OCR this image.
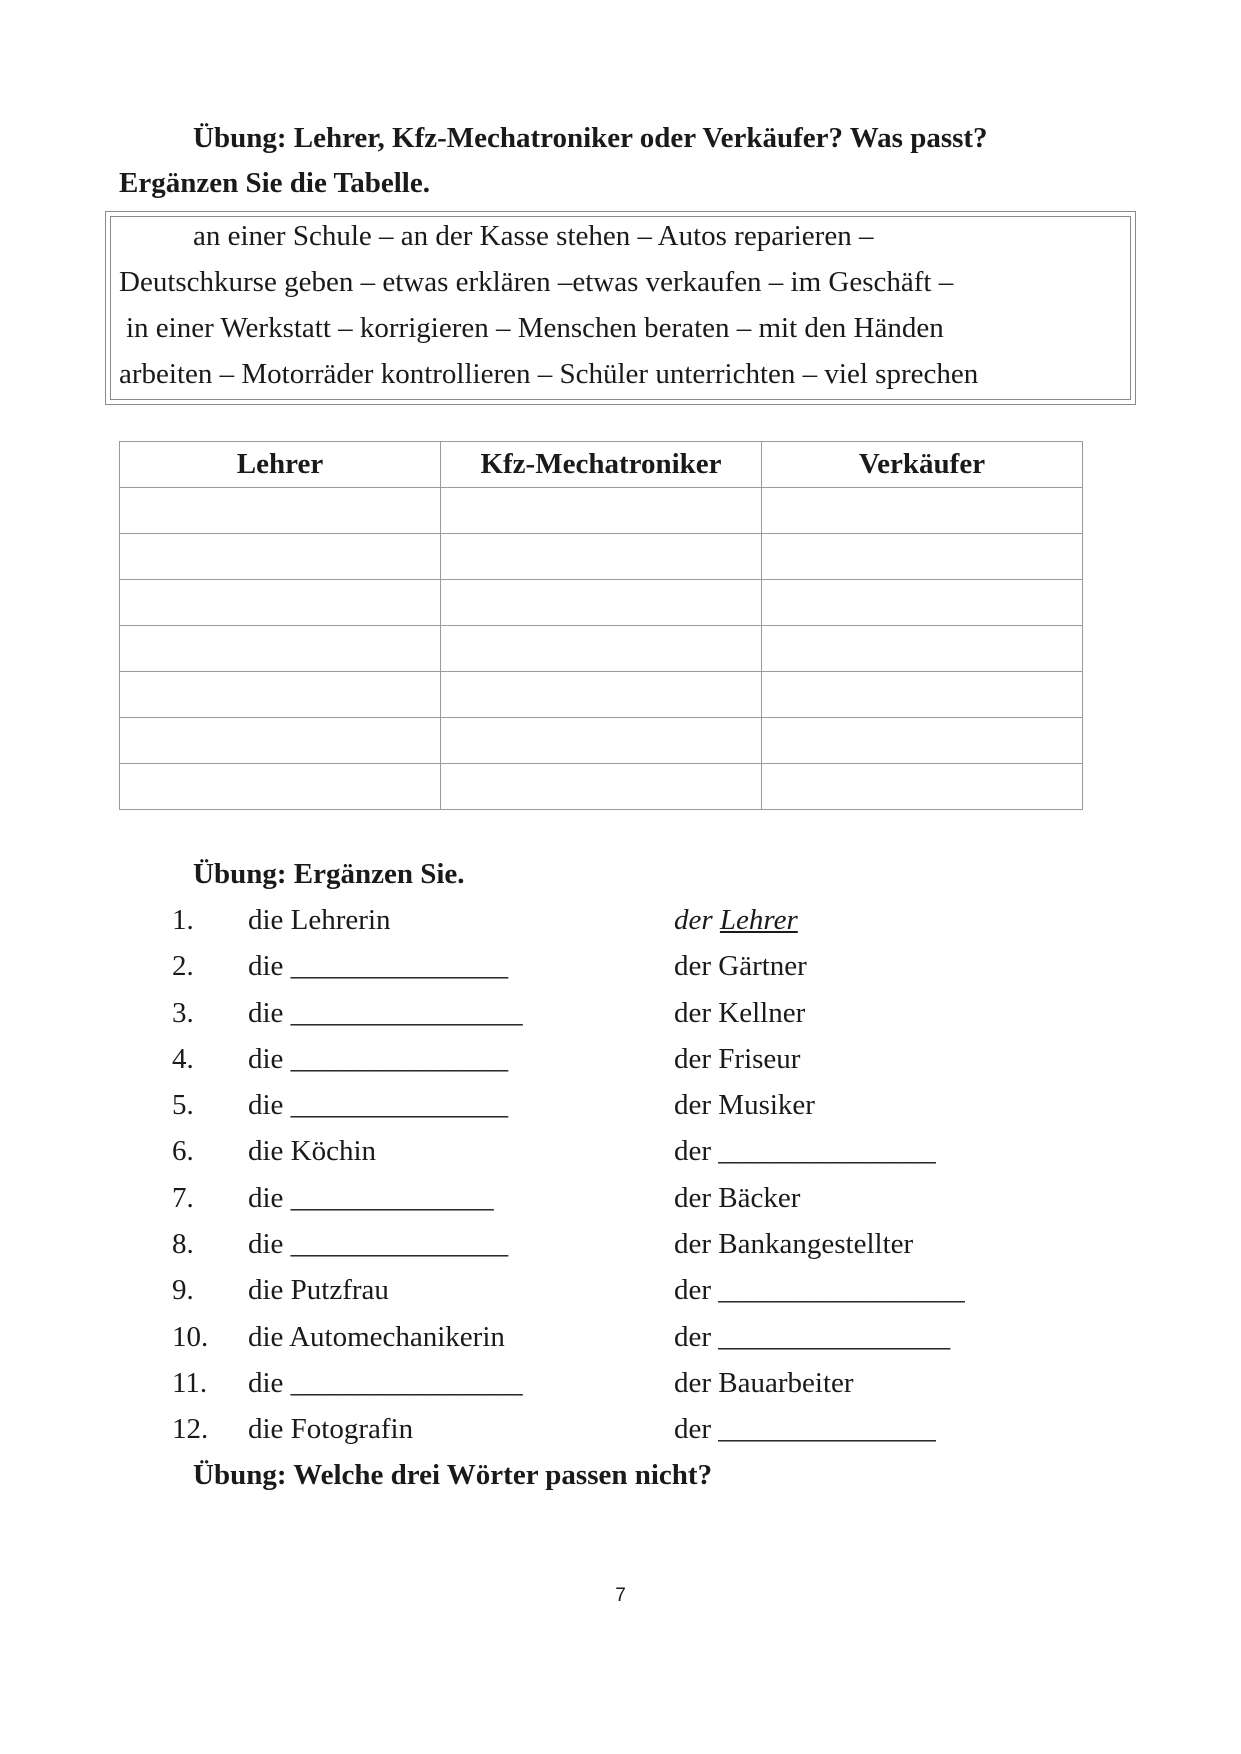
Übung: Lehrer, Kfz-Mechatroniker oder Verkäufer? Was passt?
Ergänzen Sie die Tabelle.
an einer Schule – an der Kasse stehen – Autos reparieren –
Deutschkurse geben – etwas erklären –etwas verkaufen – im Geschäft –
in einer Werkstatt – korrigieren – Menschen beraten – mit den Händen
arbeiten – Motorräder kontrollieren – Schüler unterrichten – viel sprechen
Lehrer	Kfz-Mechatroniker	Verkäufer

Übung: Ergänzen Sie.
1. die Lehrerin	der Lehrer
2. die _______________	der Gärtner
3. die ________________	der Kellner
4. die _______________	der Friseur
5. die _______________	der Musiker
6. die Köchin	der _______________
7. die ______________	der Bäcker
8. die _______________	der Bankangestellter
9. die Putzfrau	der _________________
10. die Automechanikerin	der ________________
11. die ________________	der Bauarbeiter
12. die Fotografin	der _______________
Übung: Welche drei Wörter passen nicht?
7
